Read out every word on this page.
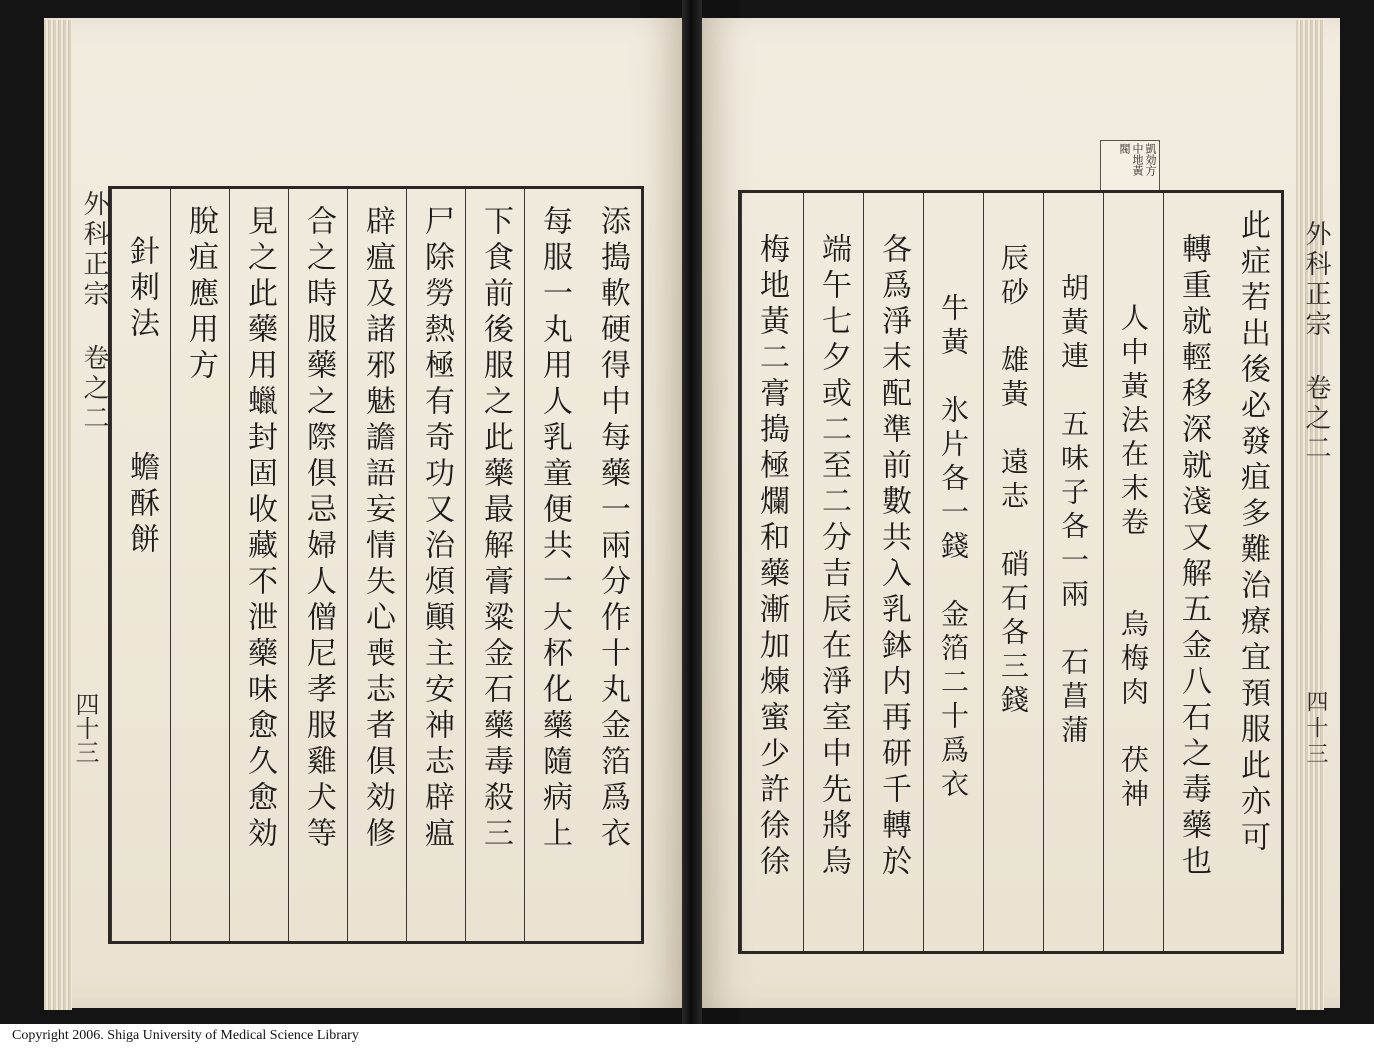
外科正宗 卷之二
四十三
外科正宗 卷之二
四十三
凱効方 中地黃 閥
添搗軟硬得中每藥一兩分作十丸金箔爲衣
每服一丸用人乳童便共一大杯化藥隨病上
下食前後服之此藥最解膏粱金石藥毒殺三
尸除勞熱極有奇功又治煩顚主安神志辟瘟
辟瘟及諸邪魅譫語妄情失心喪志者俱効修
合之時服藥之際俱忌婦人僧尼孝服雞犬等
見之此藥用蠟封固收藏不泄藥味愈久愈効
脫疽應用方
針刺法　　　蟾酥餅	此症若出後必發疽多難治療宜預服此亦可
轉重就輕移深就淺又解五金八石之毒藥也
人中黃法在末卷　　烏梅肉　茯神
胡黃連　五味子各一兩　石菖蒲
辰砂　雄黃　遠志　硝石各三錢
牛黃　氷片各一錢　金箔二十爲衣
各爲淨末配準前數共入乳鉢内再研千轉於
端午七夕或二至二分吉辰在淨室中先將烏
梅地黃二膏搗極爛和藥漸加煉蜜少許徐徐
Copyright 2006. Shiga University of Medical Science Library
